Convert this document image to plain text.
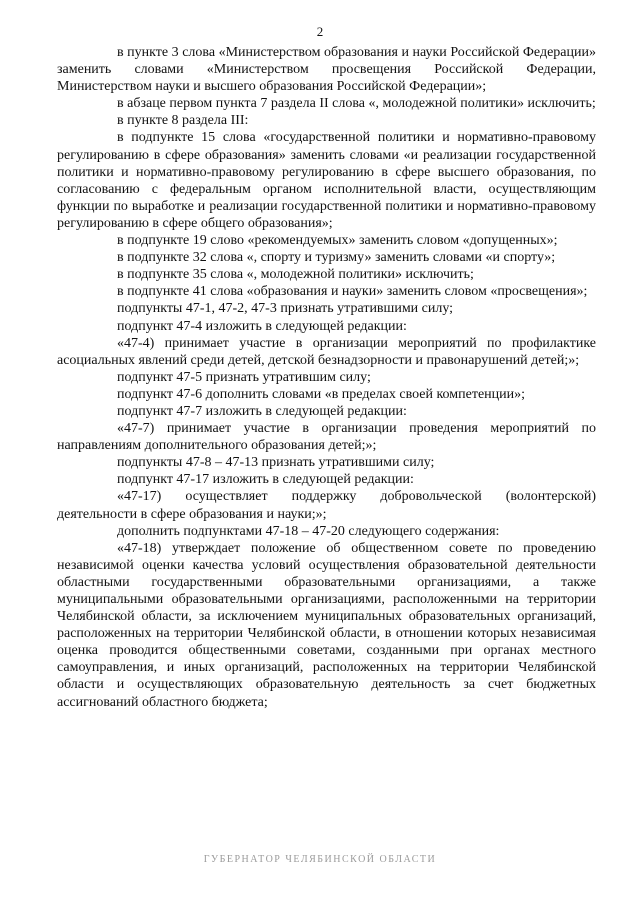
2

в пункте 3 слова «Министерством образования и науки Российской Федерации» заменить словами «Министерством просвещения Российской Федерации, Министерством науки и высшего образования Российской Федерации»;

в абзаце первом пункта 7 раздела II слова «, молодежной политики» исключить;

в пункте 8 раздела III:

в подпункте 15 слова «государственной политики и нормативно-правовому регулированию в сфере образования» заменить словами «и реализации государственной политики и нормативно-правовому регулированию в сфере высшего образования, по согласованию с федеральным органом исполнительной власти, осуществляющим функции по выработке и реализации государственной политики и нормативно-правовому регулированию в сфере общего образования»;

в подпункте 19 слово «рекомендуемых» заменить словом «допущенных»;

в подпункте 32 слова «, спорту и туризму» заменить словами «и спорту»;

в подпункте 35 слова «, молодежной политики» исключить;

в подпункте 41 слова «образования и науки» заменить словом «просвещения»;

подпункты 47-1, 47-2, 47-3 признать утратившими силу;

подпункт 47-4 изложить в следующей редакции:

«47-4) принимает участие в организации мероприятий по профилактике асоциальных явлений среди детей, детской безнадзорности и правонарушений детей;»;

подпункт 47-5 признать утратившим силу;

подпункт 47-6 дополнить словами «в пределах своей компетенции»;

подпункт 47-7 изложить в следующей редакции:

«47-7) принимает участие в организации проведения мероприятий по направлениям дополнительного образования детей;»;

подпункты 47-8 – 47-13 признать утратившими силу;

подпункт 47-17 изложить в следующей редакции:

«47-17) осуществляет поддержку добровольческой (волонтерской) деятельности в сфере образования и науки;»;

дополнить подпунктами 47-18 – 47-20 следующего содержания:

«47-18) утверждает положение об общественном совете по проведению независимой оценки качества условий осуществления образовательной деятельности областными государственными образовательными организациями, а также муниципальными образовательными организациями, расположенными на территории Челябинской области, за исключением муниципальных образовательных организаций, расположенных на территории Челябинской области, в отношении которых независимая оценка проводится общественными советами, созданными при органах местного самоуправления, и иных организаций, расположенных на территории Челябинской области и осуществляющих образовательную деятельность за счет бюджетных ассигнований областного бюджета;

ГУБЕРНАТОР ЧЕЛЯБИНСКОЙ ОБЛАСТИ
